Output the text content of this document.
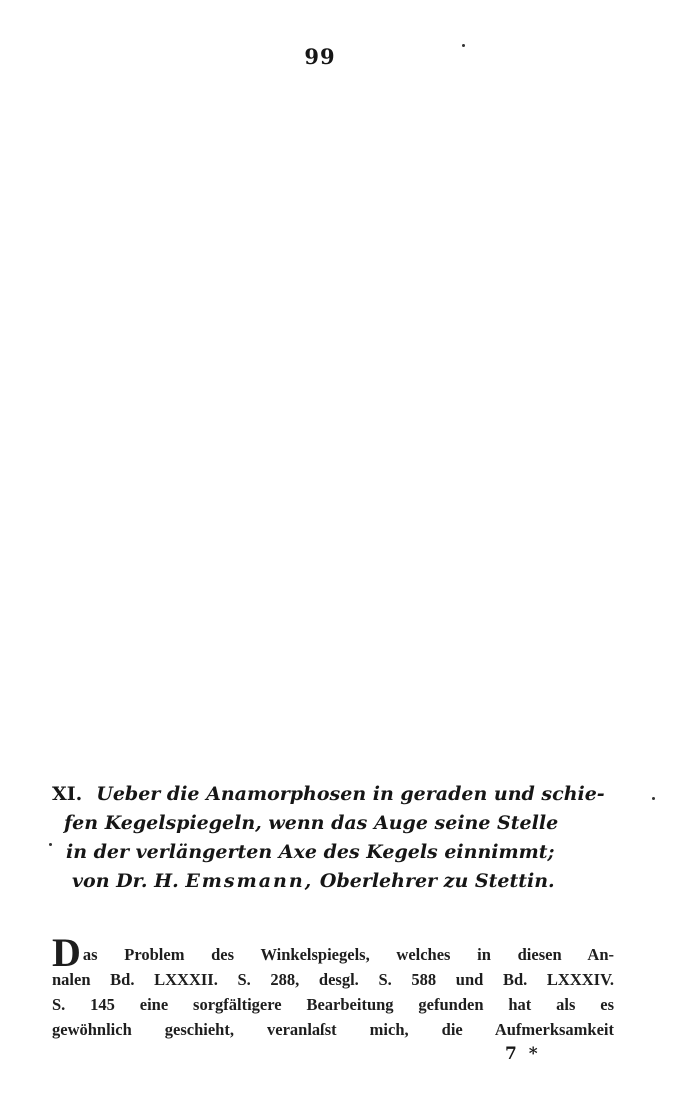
99
XI. Ueber die Anamorphosen in geraden und schie-
fen Kegelspiegeln, wenn das Auge seine Stelle
in der verlängerten Axe des Kegels einnimmt;
von Dr. H. Emsmann, Oberlehrer zu Stettin.
Das Problem des Winkelspiegels, welches in diesen An-
nalen Bd. LXXXII. S. 288, desgl. S. 588 und Bd. LXXXIV.
S. 145 eine sorgfältigere Bearbeitung gefunden hat als es
gewöhnlich geschieht, veranlaſst mich, die Aufmerksamkeit
7 *
